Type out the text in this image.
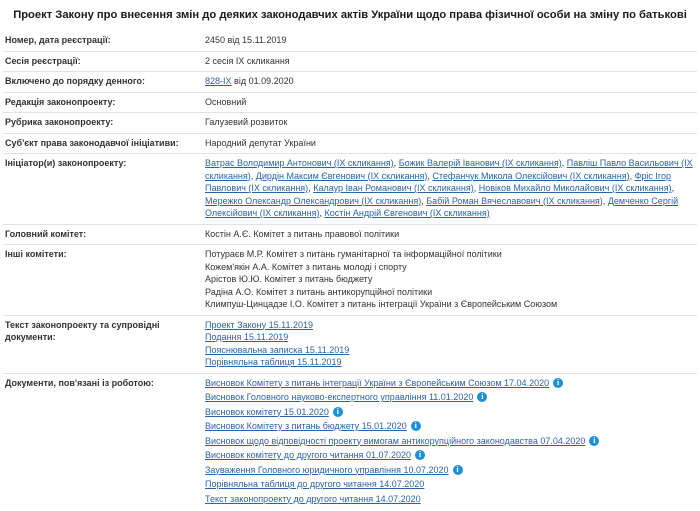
Проект Закону про внесення змін до деяких законодавчих актів України щодо права фізичної особи на зміну по батькові
Номер, дата реєстрації:	2450 від 15.11.2019
Сесія реєстрації:	2 сесія IX скликання
Включено до порядку денного:	828-IX від 01.09.2020
Редакція законопроекту:	Основний
Рубрика законопроекту:	Галузевий розвиток
Суб'єкт права законодавчої ініціативи:	Народний депутат України
Ініціатор(и) законопроекту:	Ватрас Володимир Антонович (IX скликання), Божик Валерій Іванович (IX скликання), Павліш Павло Васильович (IX скликання), Дирдін Максим Євгенович (IX скликання), Стефанчук Микола Олексійович (IX скликання), Фріс Ігор Павлович (IX скликання), Калаур Іван Романович (IX скликання), Новіков Михайло Миколайович (IX скликання), Мережко Олександр Олександрович (IX скликання), Бабій Роман Вячеславович (IX скликання), Демченко Сергій Олексійович (IX скликання), Костін Андрій Євгенович (IX скликання)
Головний комітет:	Костін А.Є. Комітет з питань правової політики
Інші комітети:	Потураєв М.Р. Комітет з питань гуманітарної та інформаційної політики
Кожем'якін А.А. Комітет з питань молоді і спорту
Арістов Ю.Ю. Комітет з питань бюджету
Радіна А.О. Комітет з питань антикорупційної політики
Климпуш-Цинцадзе І.О. Комітет з питань інтеграції України з Європейським Союзом
Текст законопроекту та супровідні документи:
Проект Закону 15.11.2019
Подання 15.11.2019
Пояснювальна записка 15.11.2019
Порівняльна таблиця 15.11.2019
Документи, пов'язані із роботою:	Висновок Комітету з питань інтеграції України з Європейським Союзом 17.04.2020 i
Висновок Головного науково-експертного управління 11.01.2020 i
Висновок комітету 15.01.2020 i
Висновок Комітету з питань бюджету 15.01.2020 i
Висновок щодо відповідності проекту вимогам антикорупційного законодавства 07.04.2020 i
Висновок комітету до другого читання 01.07.2020 i
Зауваження Головного юридичного управління 10.07.2020 i
Порівняльна таблиця до другого читання 14.07.2020
Текст законопроекту до другого читання 14.07.2020
